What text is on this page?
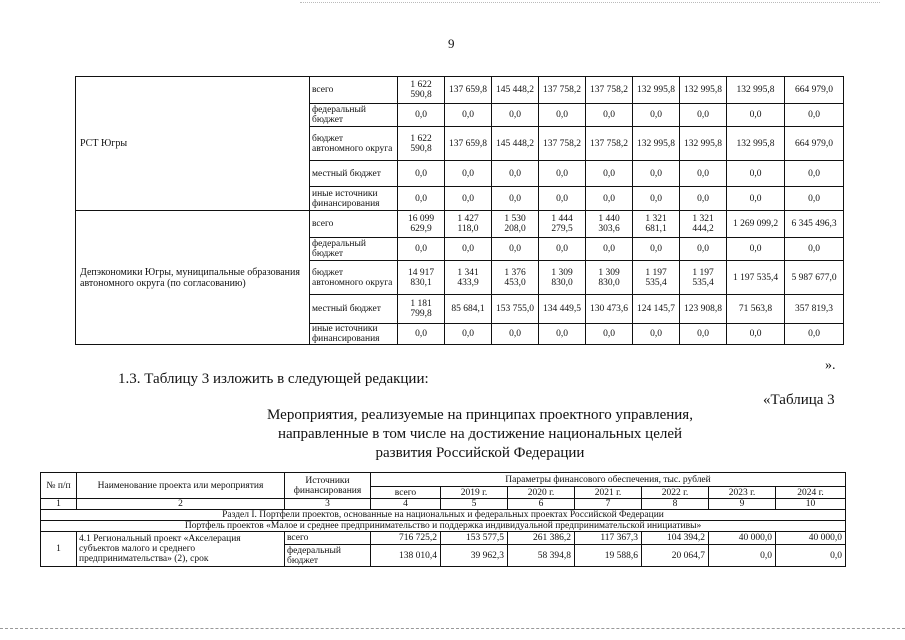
9
РСТ Югры	всего	1 622 590,8	137 659,8	145 448,2	137 758,2	137 758,2	132 995,8	132 995,8	132 995,8	664 979,0
	федеральный бюджет	0,0	0,0	0,0	0,0	0,0	0,0	0,0	0,0	0,0
	бюджет автономного округа	1 622 590,8	137 659,8	145 448,2	137 758,2	137 758,2	132 995,8	132 995,8	132 995,8	664 979,0
	местный бюджет	0,0	0,0	0,0	0,0	0,0	0,0	0,0	0,0	0,0
	иные источники финансирования	0,0	0,0	0,0	0,0	0,0	0,0	0,0	0,0	0,0
Депэкономики Югры, муниципальные образования автономного округа (по согласованию)	всего	16 099 629,9	1 427 118,0	1 530 208,0	1 444 279,5	1 440 303,6	1 321 681,1	1 321 444,2	1 269 099,2	6 345 496,3
	федеральный бюджет	0,0	0,0	0,0	0,0	0,0	0,0	0,0	0,0	0,0
	бюджет автономного округа	14 917 830,1	1 341 433,9	1 376 453,0	1 309 830,0	1 309 830,0	1 197 535,4	1 197 535,4	1 197 535,4	5 987 677,0
	местный бюджет	1 181 799,8	85 684,1	153 755,0	134 449,5	130 473,6	124 145,7	123 908,8	71 563,8	357 819,3
	иные источники финансирования	0,0	0,0	0,0	0,0	0,0	0,0	0,0	0,0	0,0
».
1.3. Таблицу 3 изложить в следующей редакции:
«Таблица 3
Мероприятия, реализуемые на принципах проектного управления,
направленные в том числе на достижение национальных целей
развития Российской Федерации
№ п/п	Наименование проекта или мероприятия	Источники финансирования	Параметры финансового обеспечения, тыс. рублей						
			всего	2019 г.	2020 г.	2021 г.	2022 г.	2023 г.	2024 г.
1	2	3	4	5	6	7	8	9	10
Раздел I. Портфели проектов, основанные на национальных и федеральных проектах Российской Федерации									
Портфель проектов «Малое и среднее предпринимательство и поддержка индивидуальной предпринимательской инициативы»									
1	4.1 Региональный проект «Акселерация субъектов малого и среднего предпринимательства» (2), срок	всего	716 725,2	153 577,5	261 386,2	117 367,3	104 394,2	40 000,0	40 000,0
		федеральный бюджет	138 010,4	39 962,3	58 394,8	19 588,6	20 064,7	0,0	0,0
